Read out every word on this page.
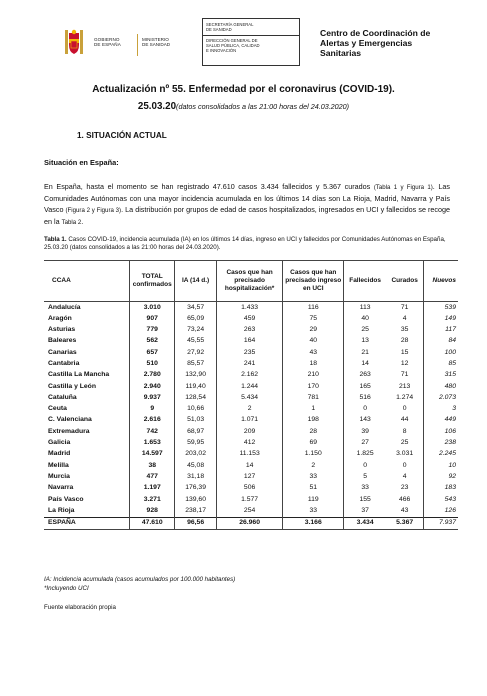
GOBIERNO
DE ESPAÑA
MINISTERIO
DE SANIDAD
SECRETARÍA GENERAL
DE SANIDAD
DIRECCIÓN GENERAL DE
SALUD PÚBLICA, CALIDAD
E INNOVACIÓN
Centro de Coordinación de
Alertas y Emergencias
Sanitarias
Actualización nº 55. Enfermedad por el coronavirus (COVID-19).
25.03.20(datos consolidados a las 21:00 horas del 24.03.2020)
1. SITUACIÓN ACTUAL
Situación en España:
En España, hasta el momento se han registrado 47.610 casos 3.434 fallecidos y 5.367 curados (Tabla 1 y Figura 1). Las Comunidades Autónomas con una mayor incidencia acumulada en los últimos 14 días son La Rioja, Madrid, Navarra y País Vasco (Figura 2 y Figura 3). La distribución por grupos de edad de casos hospitalizados, ingresados en UCI y fallecidos se recoge en la Tabla 2.
Tabla 1. Casos COVID-19, incidencia acumulada (IA) en los últimos 14 días, ingreso en UCI y fallecidos por Comunidades Autónomas en España, 25.03.20 (datos consolidados a las 21:00 horas del 24.03.2020).
CCAA	TOTAL confirmados	IA (14 d.)	Casos que han precisado hospitalización*	Casos que han precisado ingreso en UCI	Fallecidos	Curados	Nuevos
Andalucía	3.010	34,57	1.433	116	113	71	539
Aragón	907	65,09	459	75	40	4	149
Asturias	779	73,24	263	29	25	35	117
Baleares	562	45,55	164	40	13	28	84
Canarias	657	27,92	235	43	21	15	100
Cantabria	510	85,57	241	18	14	12	85
Castilla La Mancha	2.780	132,90	2.162	210	263	71	315
Castilla y León	2.940	119,40	1.244	170	165	213	480
Cataluña	9.937	128,54	5.434	781	516	1.274	2.073
Ceuta	9	10,66	2	1	0	0	3
C. Valenciana	2.616	51,03	1.071	198	143	44	449
Extremadura	742	68,97	209	28	39	8	106
Galicia	1.653	59,95	412	69	27	25	238
Madrid	14.597	203,02	11.153	1.150	1.825	3.031	2.245
Melilla	38	45,08	14	2	0	0	10
Murcia	477	31,18	127	33	5	4	92
Navarra	1.197	176,39	506	51	33	23	183
País Vasco	3.271	139,60	1.577	119	155	466	543
La Rioja	928	238,17	254	33	37	43	126
ESPAÑA	47.610	96,56	26.960	3.166	3.434	5.367	7.937
IA: Incidencia acumulada (casos acumulados por 100.000 habitantes)
*Incluyendo UCI
Fuente elaboración propia
